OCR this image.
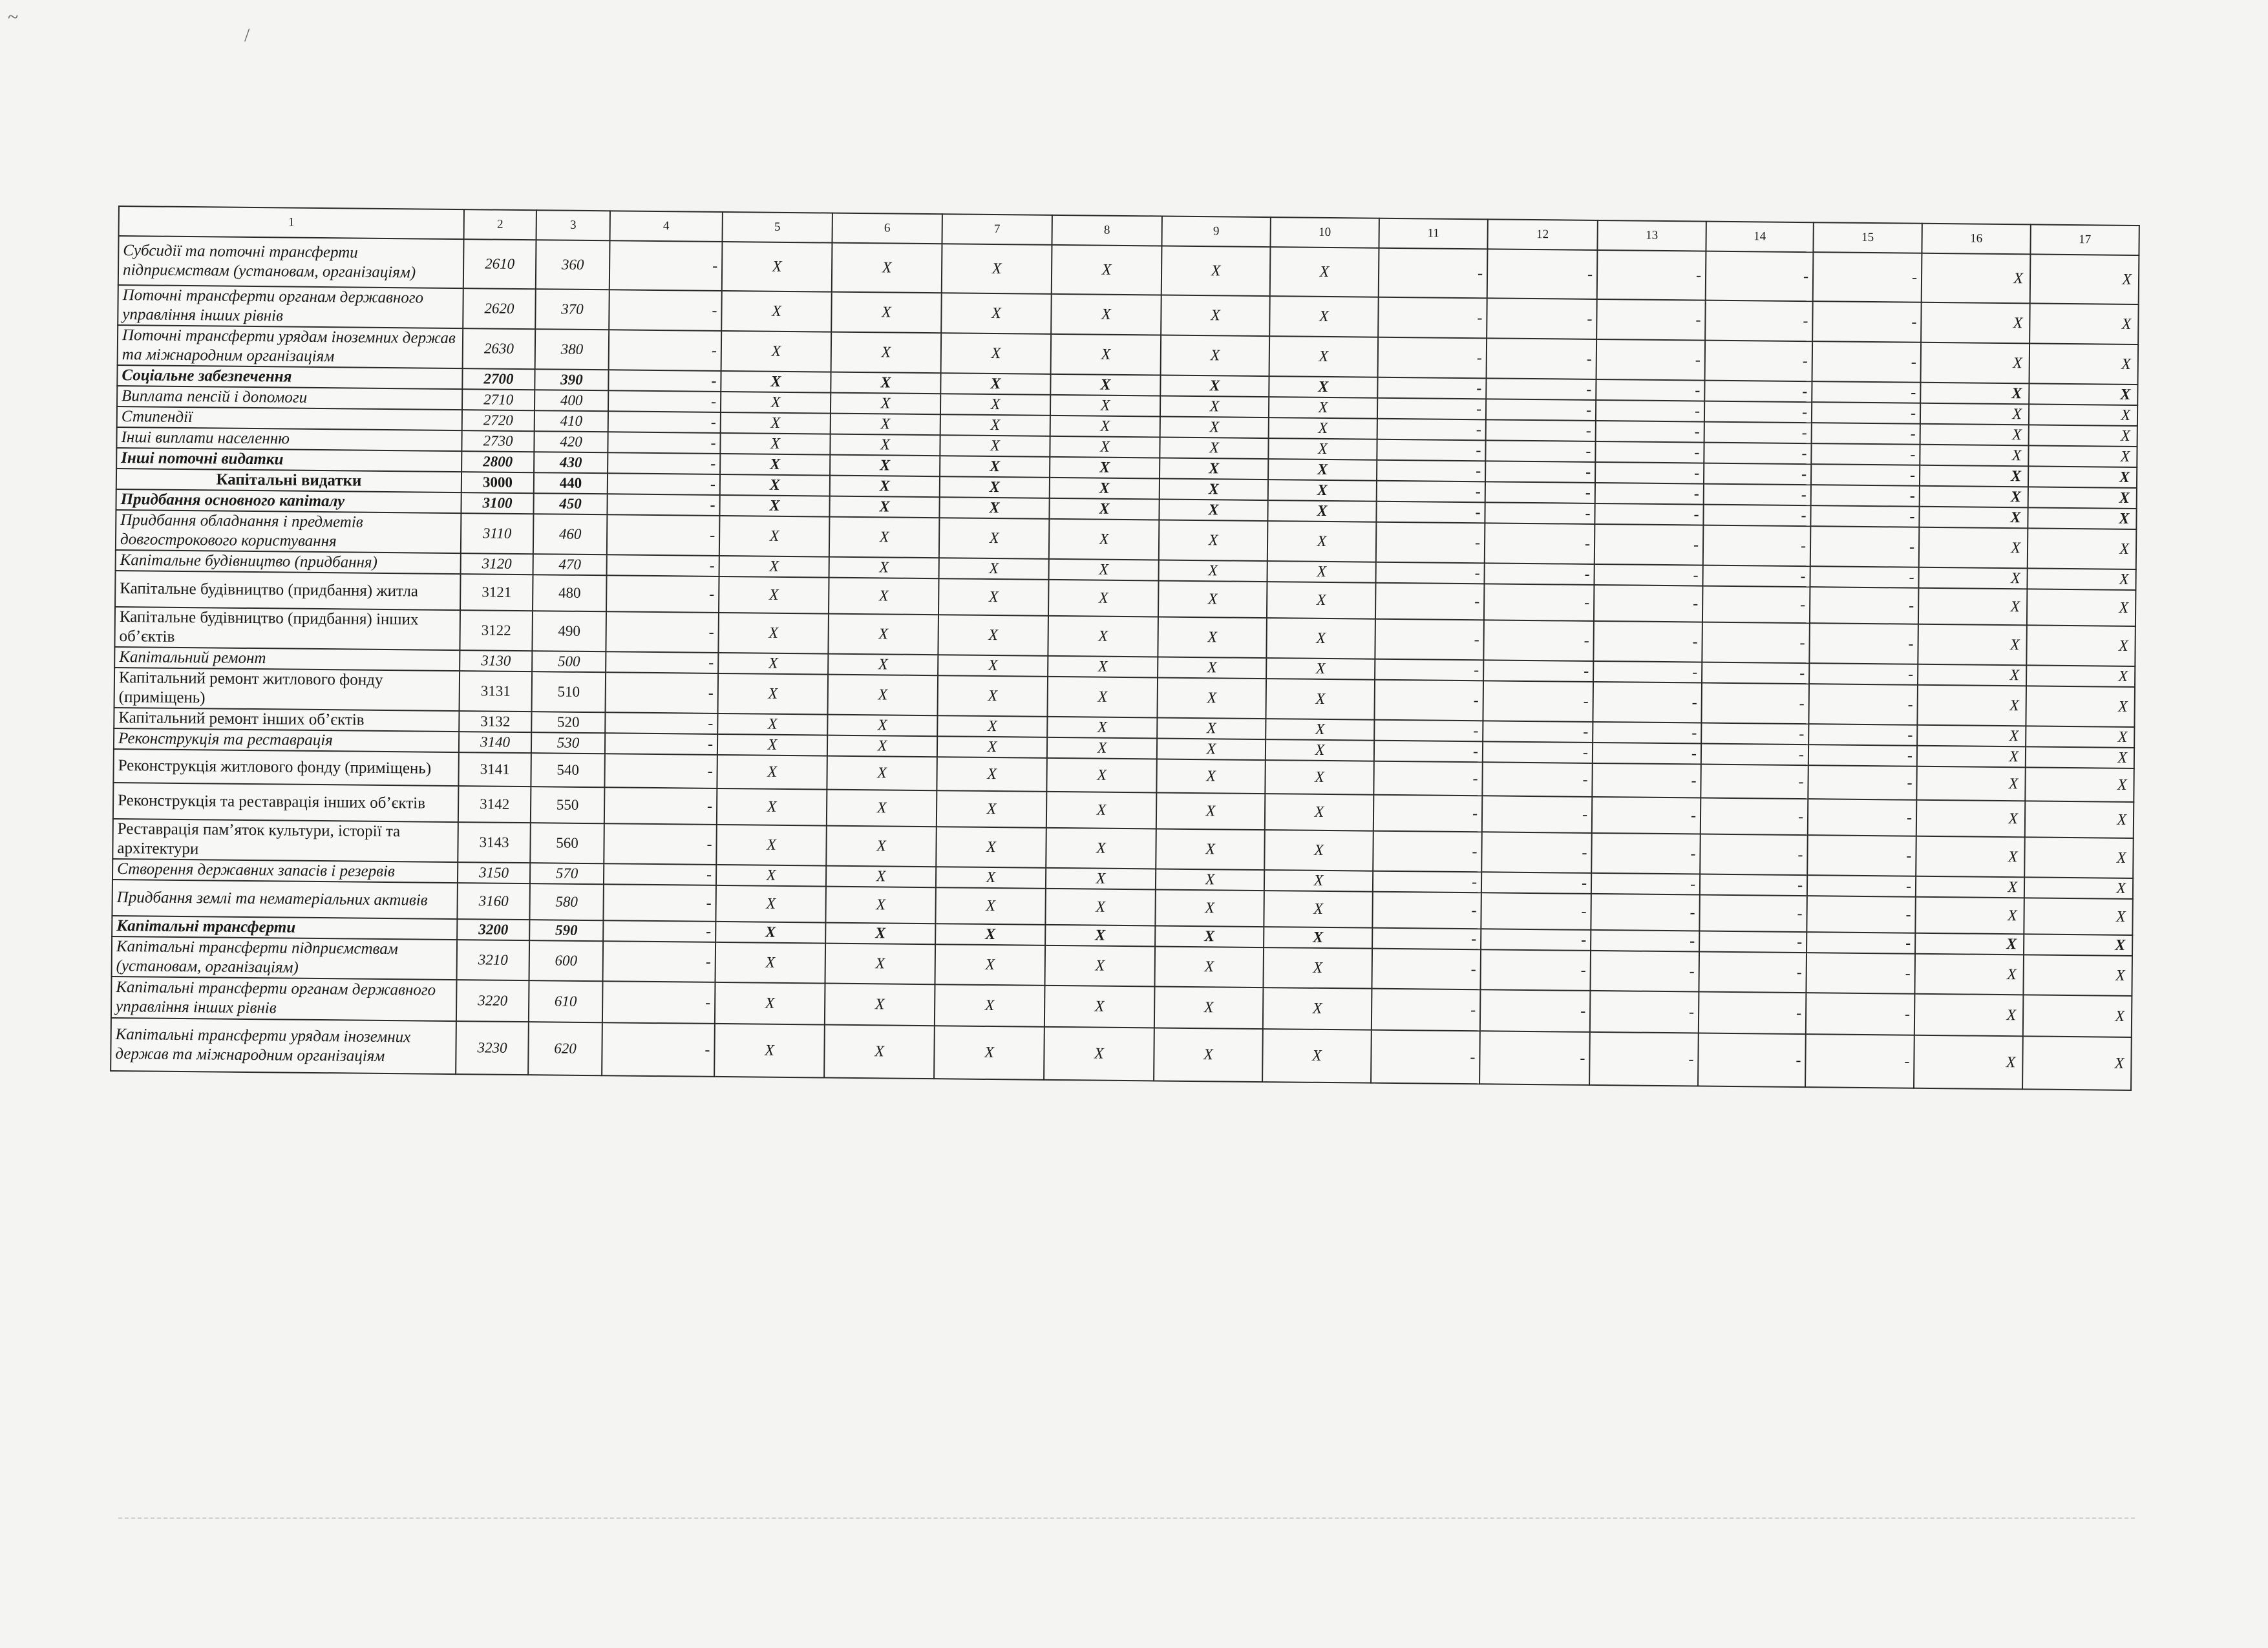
~
/
1	2	3	4	5	6	7	8	9	10	11	12	13	14	15	16	17
Субсидії та поточні трансферти підприємствам (установам, організаціям)	2610	360	-	X	X	X	X	X	X	-	-	-	-	-	X	X
Поточні трансферти органам державного управління інших рівнів	2620	370	-	X	X	X	X	X	X	-	-	-	-	-	X	X
Поточні трансферти урядам іноземних держав та міжнародним організаціям	2630	380	-	X	X	X	X	X	X	-	-	-	-	-	X	X
Соціальне забезпечення	2700	390	-	X	X	X	X	X	X	-	-	-	-	-	X	X
Виплата пенсій і допомоги	2710	400	-	X	X	X	X	X	X	-	-	-	-	-	X	X
Стипендії	2720	410	-	X	X	X	X	X	X	-	-	-	-	-	X	X
Інші виплати населенню	2730	420	-	X	X	X	X	X	X	-	-	-	-	-	X	X
Інші поточні видатки	2800	430	-	X	X	X	X	X	X	-	-	-	-	-	X	X
Капітальні видатки	3000	440	-	X	X	X	X	X	X	-	-	-	-	-	X	X
Придбання основного капіталу	3100	450	-	X	X	X	X	X	X	-	-	-	-	-	X	X
Придбання обладнання і предметів довгострокового користування	3110	460	-	X	X	X	X	X	X	-	-	-	-	-	X	X
Капітальне будівництво (придбання)	3120	470	-	X	X	X	X	X	X	-	-	-	-	-	X	X
Капітальне будівництво (придбання) житла	3121	480	-	X	X	X	X	X	X	-	-	-	-	-	X	X
Капітальне будівництво (придбання) інших об’єктів	3122	490	-	X	X	X	X	X	X	-	-	-	-	-	X	X
Капітальний ремонт	3130	500	-	X	X	X	X	X	X	-	-	-	-	-	X	X
Капітальний ремонт житлового фонду (приміщень)	3131	510	-	X	X	X	X	X	X	-	-	-	-	-	X	X
Капітальний ремонт інших об’єктів	3132	520	-	X	X	X	X	X	X	-	-	-	-	-	X	X
Реконструкція та реставрація	3140	530	-	X	X	X	X	X	X	-	-	-	-	-	X	X
Реконструкція житлового фонду (приміщень)	3141	540	-	X	X	X	X	X	X	-	-	-	-	-	X	X
Реконструкція та реставрація інших об’єктів	3142	550	-	X	X	X	X	X	X	-	-	-	-	-	X	X
Реставрація пам’яток культури, історії та архітектури	3143	560	-	X	X	X	X	X	X	-	-	-	-	-	X	X
Створення державних запасів і резервів	3150	570	-	X	X	X	X	X	X	-	-	-	-	-	X	X
Придбання землі та нематеріальних активів	3160	580	-	X	X	X	X	X	X	-	-	-	-	-	X	X
Капітальні трансферти	3200	590	-	X	X	X	X	X	X	-	-	-	-	-	X	X
Капітальні трансферти підприємствам (установам, організаціям)	3210	600	-	X	X	X	X	X	X	-	-	-	-	-	X	X
Капітальні трансферти органам державного управління інших рівнів	3220	610	-	X	X	X	X	X	X	-	-	-	-	-	X	X
Капітальні трансферти урядам іноземних держав та міжнародним організаціям	3230	620	-	X	X	X	X	X	X	-	-	-	-	-	X	X
